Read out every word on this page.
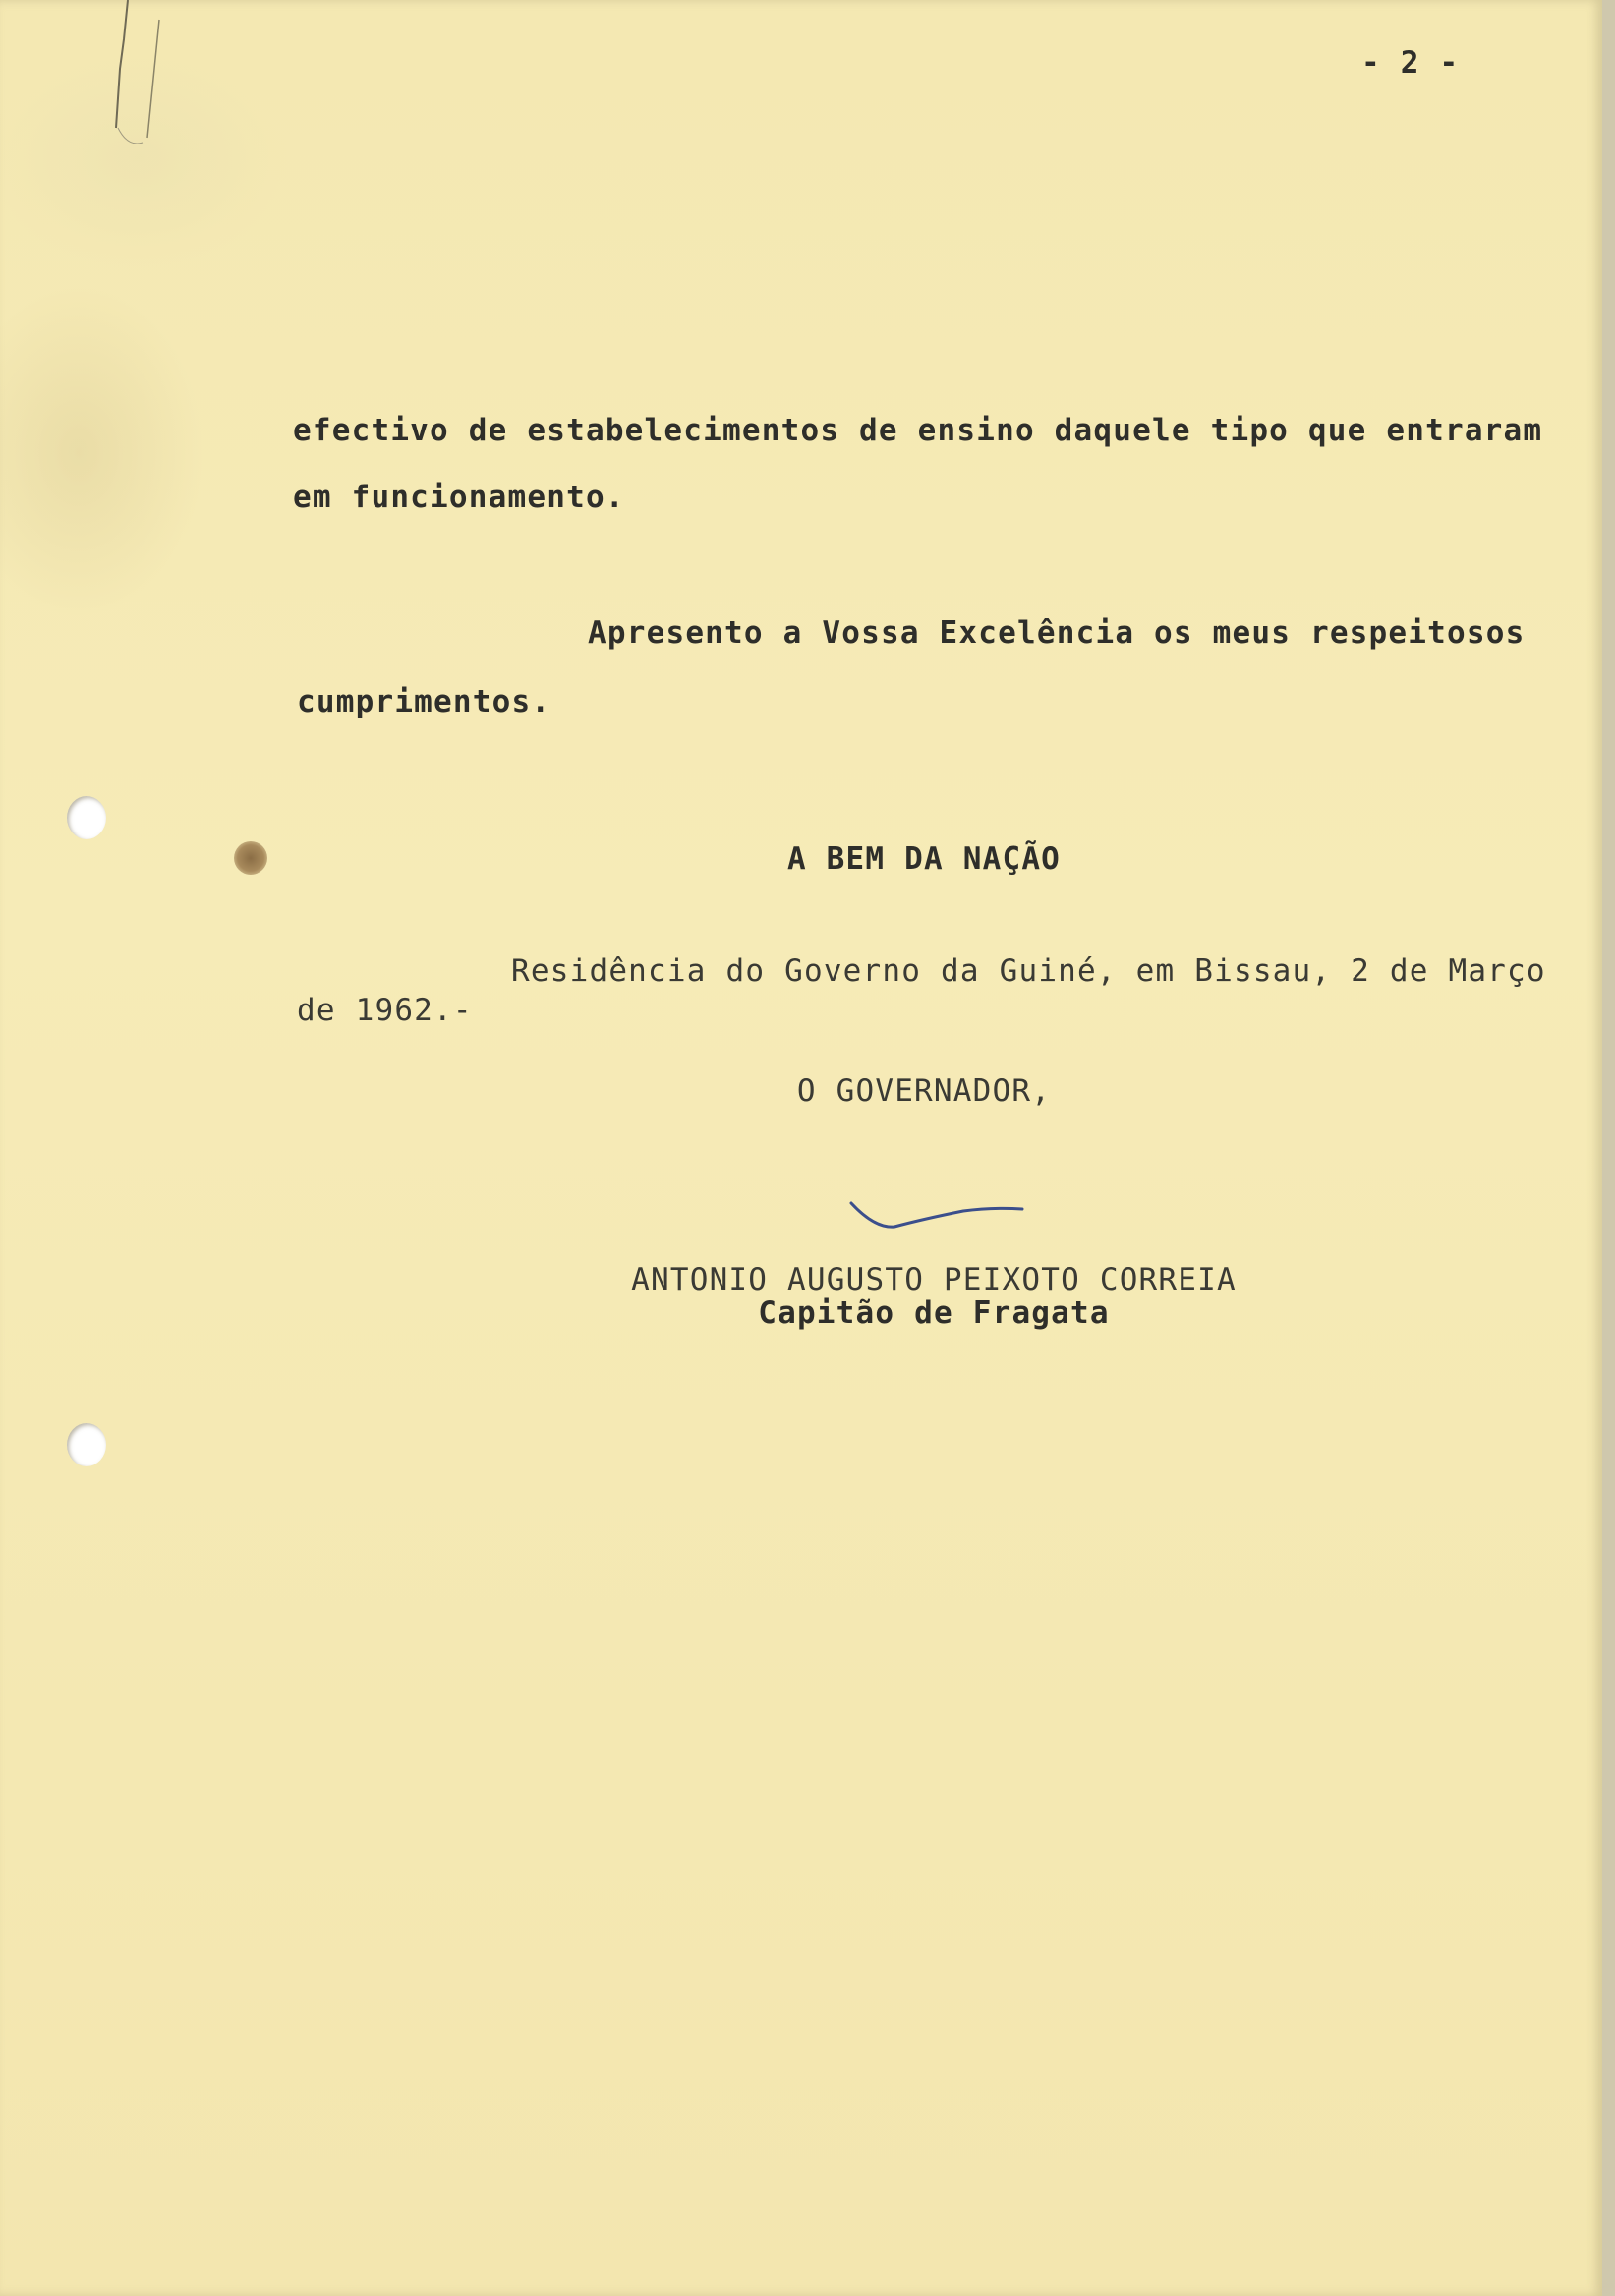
- 2 -

efectivo de estabelecimentos de ensino daquele tipo que entraram

em funcionamento.

Apresento a Vossa Excelência os meus respeitosos

cumprimentos.

A BEM DA NAÇÃO

Residência do Governo da Guiné, em Bissau, 2 de Março

de 1962.-

O GOVERNADOR,

ANTONIO AUGUSTO PEIXOTO CORREIA

Capitão de Fragata
